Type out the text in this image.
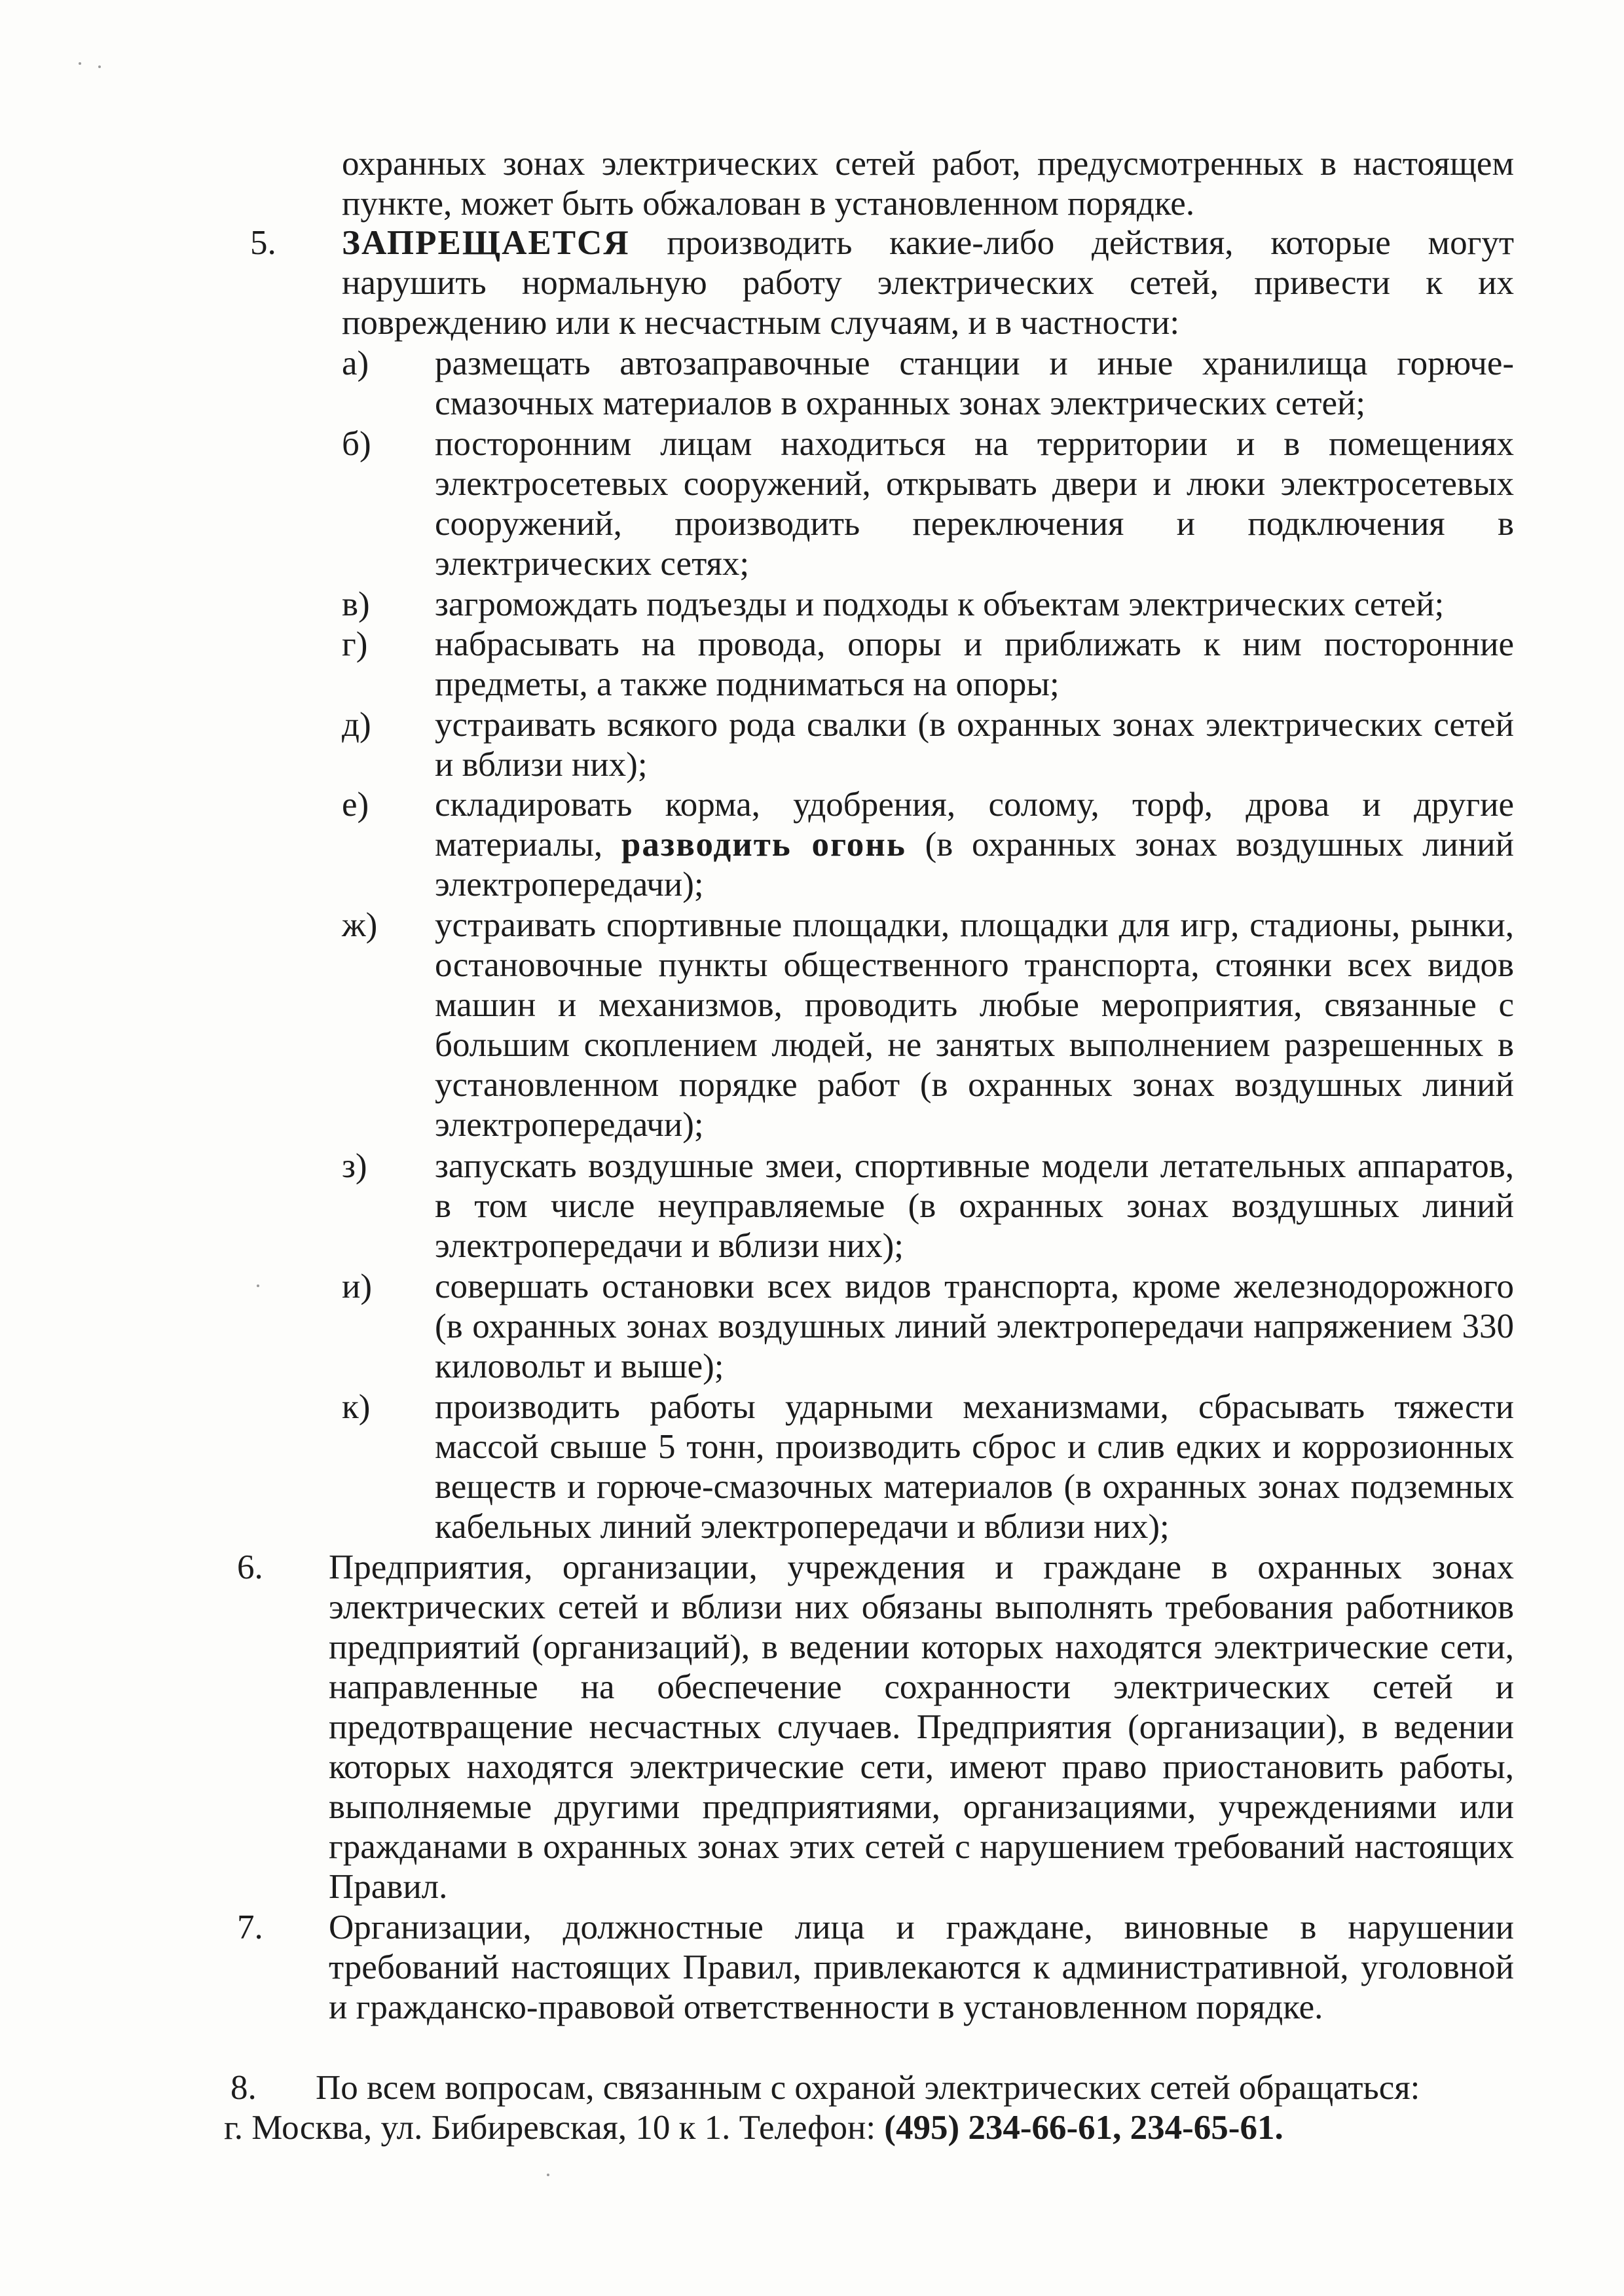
охранных зонах электрических сетей работ, предусмотренных в настоящем пункте, может быть обжалован в установленном порядке.
5. ЗАПРЕЩАЕТСЯ производить какие-либо действия, которые могут нарушить нормальную работу электрических сетей, привести к их повреждению или к несчастным случаям, и в частности:
а) размещать автозаправочные станции и иные хранилища горюче-смазочных материалов в охранных зонах электрических сетей;
б) посторонним лицам находиться на территории и в помещениях электросетевых сооружений, открывать двери и люки электросетевых сооружений, производить переключения и подключения в электрических сетях;
в) загромождать подъезды и подходы к объектам электрических сетей;
г) набрасывать на провода, опоры и приближать к ним посторонние предметы, а также подниматься на опоры;
д) устраивать всякого рода свалки (в охранных зонах электрических сетей и вблизи них);
е) складировать корма, удобрения, солому, торф, дрова и другие материалы, разводить огонь (в охранных зонах воздушных линий электропередачи);
ж) устраивать спортивные площадки, площадки для игр, стадионы, рынки, остановочные пункты общественного транспорта, стоянки всех видов машин и механизмов, проводить любые мероприятия, связанные с большим скоплением людей, не занятых выполнением разрешенных в установленном порядке работ (в охранных зонах воздушных линий электропередачи);
з) запускать воздушные змеи, спортивные модели летательных аппаратов, в том числе неуправляемые (в охранных зонах воздушных линий электропередачи и вблизи них);
и) совершать остановки всех видов транспорта, кроме железнодорожного (в охранных зонах воздушных линий электропередачи напряжением 330 киловольт и выше);
к) производить работы ударными механизмами, сбрасывать тяжести массой свыше 5 тонн, производить сброс и слив едких и коррозионных веществ и горюче-смазочных материалов (в охранных зонах подземных кабельных линий электропередачи и вблизи них);
6. Предприятия, организации, учреждения и граждане в охранных зонах электрических сетей и вблизи них обязаны выполнять требования работников предприятий (организаций), в ведении которых находятся электрические сети, направленные на обеспечение сохранности электрических сетей и предотвращение несчастных случаев. Предприятия (организации), в ведении которых находятся электрические сети, имеют право приостановить работы, выполняемые другими предприятиями, организациями, учреждениями или гражданами в охранных зонах этих сетей с нарушением требований настоящих Правил.
7. Организации, должностные лица и граждане, виновные в нарушении требований настоящих Правил, привлекаются к административной, уголовной и гражданско-правовой ответственности в установленном порядке.
8. По всем вопросам, связанным с охраной электрических сетей обращаться:
г. Москва, ул. Бибиревская, 10 к 1. Телефон: (495) 234-66-61, 234-65-61.
